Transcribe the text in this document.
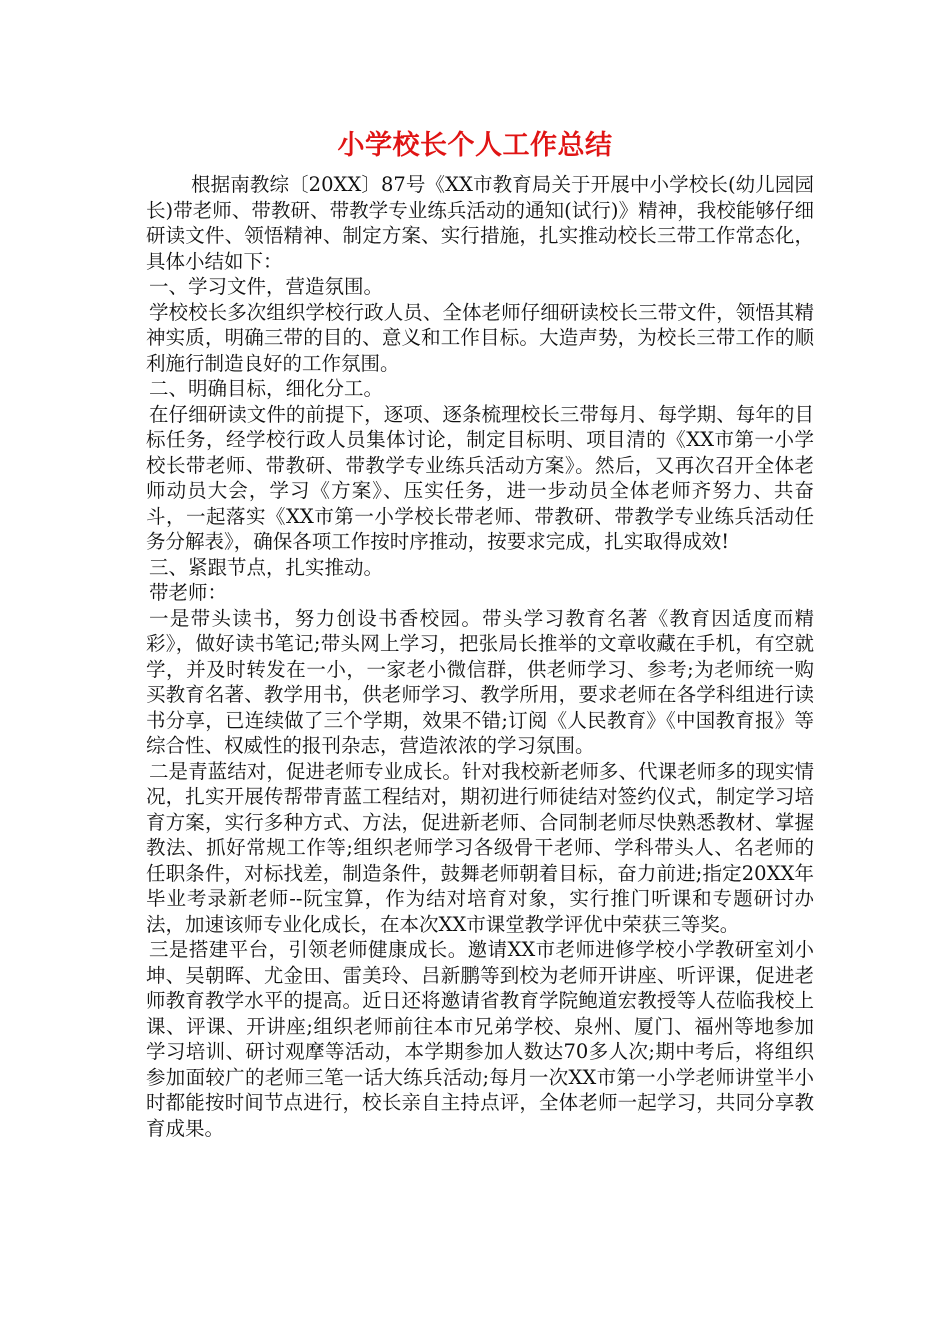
小学校长个人工作总结

根据南教综〔20XX〕87号《XX市教育局关于开展中小学校长(幼儿园园长)带老师、带教研、带教学专业练兵活动的通知(试行)》精神，我校能够仔细研读文件、领悟精神、制定方案、实行措施，扎实推动校长三带工作常态化，具体小结如下：

一、学习文件，营造氛围。

学校校长多次组织学校行政人员、全体老师仔细研读校长三带文件，领悟其精神实质，明确三带的目的、意义和工作目标。大造声势，为校长三带工作的顺利施行制造良好的工作氛围。

二、明确目标，细化分工。

在仔细研读文件的前提下，逐项、逐条梳理校长三带每月、每学期、每年的目标任务，经学校行政人员集体讨论，制定目标明、项目清的《XX市第一小学校长带老师、带教研、带教学专业练兵活动方案》。然后，又再次召开全体老师动员大会，学习《方案》、压实任务，进一步动员全体老师齐努力、共奋斗，一起落实《XX市第一小学校长带老师、带教研、带教学专业练兵活动任务分解表》，确保各项工作按时序推动，按要求完成，扎实取得成效!

三、紧跟节点，扎实推动。

带老师：

一是带头读书，努力创设书香校园。带头学习教育名著《教育因适度而精彩》，做好读书笔记;带头网上学习，把张局长推举的文章收藏在手机，有空就学，并及时转发在一小，一家老小微信群，供老师学习、参考;为老师统一购买教育名著、教学用书，供老师学习、教学所用，要求老师在各学科组进行读书分享，已连续做了三个学期，效果不错;订阅《人民教育》《中国教育报》等综合性、权威性的报刊杂志，营造浓浓的学习氛围。

二是青蓝结对，促进老师专业成长。针对我校新老师多、代课老师多的现实情况，扎实开展传帮带青蓝工程结对，期初进行师徒结对签约仪式，制定学习培育方案，实行多种方式、方法，促进新老师、合同制老师尽快熟悉教材、掌握教法、抓好常规工作等;组织老师学习各级骨干老师、学科带头人、名老师的任职条件，对标找差，制造条件，鼓舞老师朝着目标，奋力前进;指定20XX年毕业考录新老师--阮宝算，作为结对培育对象，实行推门听课和专题研讨办法，加速该师专业化成长，在本次XX市课堂教学评优中荣获三等奖。

三是搭建平台，引领老师健康成长。邀请XX市老师进修学校小学教研室刘小坤、吴朝晖、尤金田、雷美玲、吕新鹏等到校为老师开讲座、听评课，促进老师教育教学水平的提高。近日还将邀请省教育学院鲍道宏教授等人莅临我校上课、评课、开讲座;组织老师前往本市兄弟学校、泉州、厦门、福州等地参加学习培训、研讨观摩等活动，本学期参加人数达70多人次;期中考后，将组织参加面较广的老师三笔一话大练兵活动;每月一次XX市第一小学老师讲堂半小时都能按时间节点进行，校长亲自主持点评，全体老师一起学习，共同分享教育成果。
